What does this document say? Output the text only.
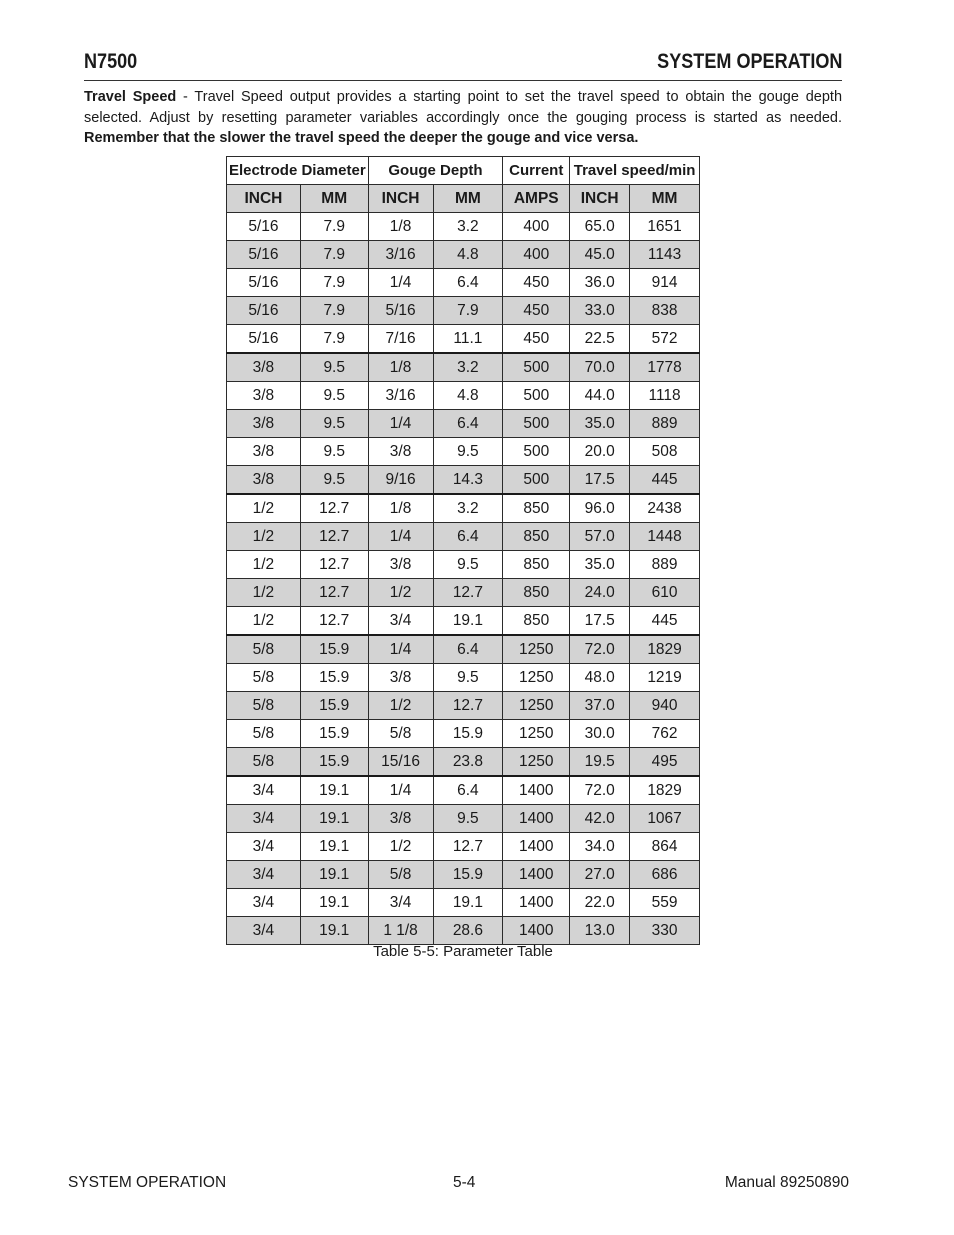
N7500	SYSTEM OPERATION
Travel Speed - Travel Speed output provides a starting point to set the travel speed to obtain the gouge depth selected. Adjust by resetting parameter variables accordingly once the gouging process is started as needed. Remember that the slower the travel speed the deeper the gouge and vice versa.
Electrode Diameter		Gouge Depth		Current	Travel speed/min	
INCH	MM	INCH	MM	AMPS	INCH	MM
5/16	7.9	1/8	3.2	400	65.0	1651
5/16	7.9	3/16	4.8	400	45.0	1143
5/16	7.9	1/4	6.4	450	36.0	914
5/16	7.9	5/16	7.9	450	33.0	838
5/16	7.9	7/16	11.1	450	22.5	572
3/8	9.5	1/8	3.2	500	70.0	1778
3/8	9.5	3/16	4.8	500	44.0	1118
3/8	9.5	1/4	6.4	500	35.0	889
3/8	9.5	3/8	9.5	500	20.0	508
3/8	9.5	9/16	14.3	500	17.5	445
1/2	12.7	1/8	3.2	850	96.0	2438
1/2	12.7	1/4	6.4	850	57.0	1448
1/2	12.7	3/8	9.5	850	35.0	889
1/2	12.7	1/2	12.7	850	24.0	610
1/2	12.7	3/4	19.1	850	17.5	445
5/8	15.9	1/4	6.4	1250	72.0	1829
5/8	15.9	3/8	9.5	1250	48.0	1219
5/8	15.9	1/2	12.7	1250	37.0	940
5/8	15.9	5/8	15.9	1250	30.0	762
5/8	15.9	15/16	23.8	1250	19.5	495
3/4	19.1	1/4	6.4	1400	72.0	1829
3/4	19.1	3/8	9.5	1400	42.0	1067
3/4	19.1	1/2	12.7	1400	34.0	864
3/4	19.1	5/8	15.9	1400	27.0	686
3/4	19.1	3/4	19.1	1400	22.0	559
3/4	19.1	1 1/8	28.6	1400	13.0	330
Table 5-5: Parameter Table
SYSTEM OPERATION	5-4	Manual 89250890
